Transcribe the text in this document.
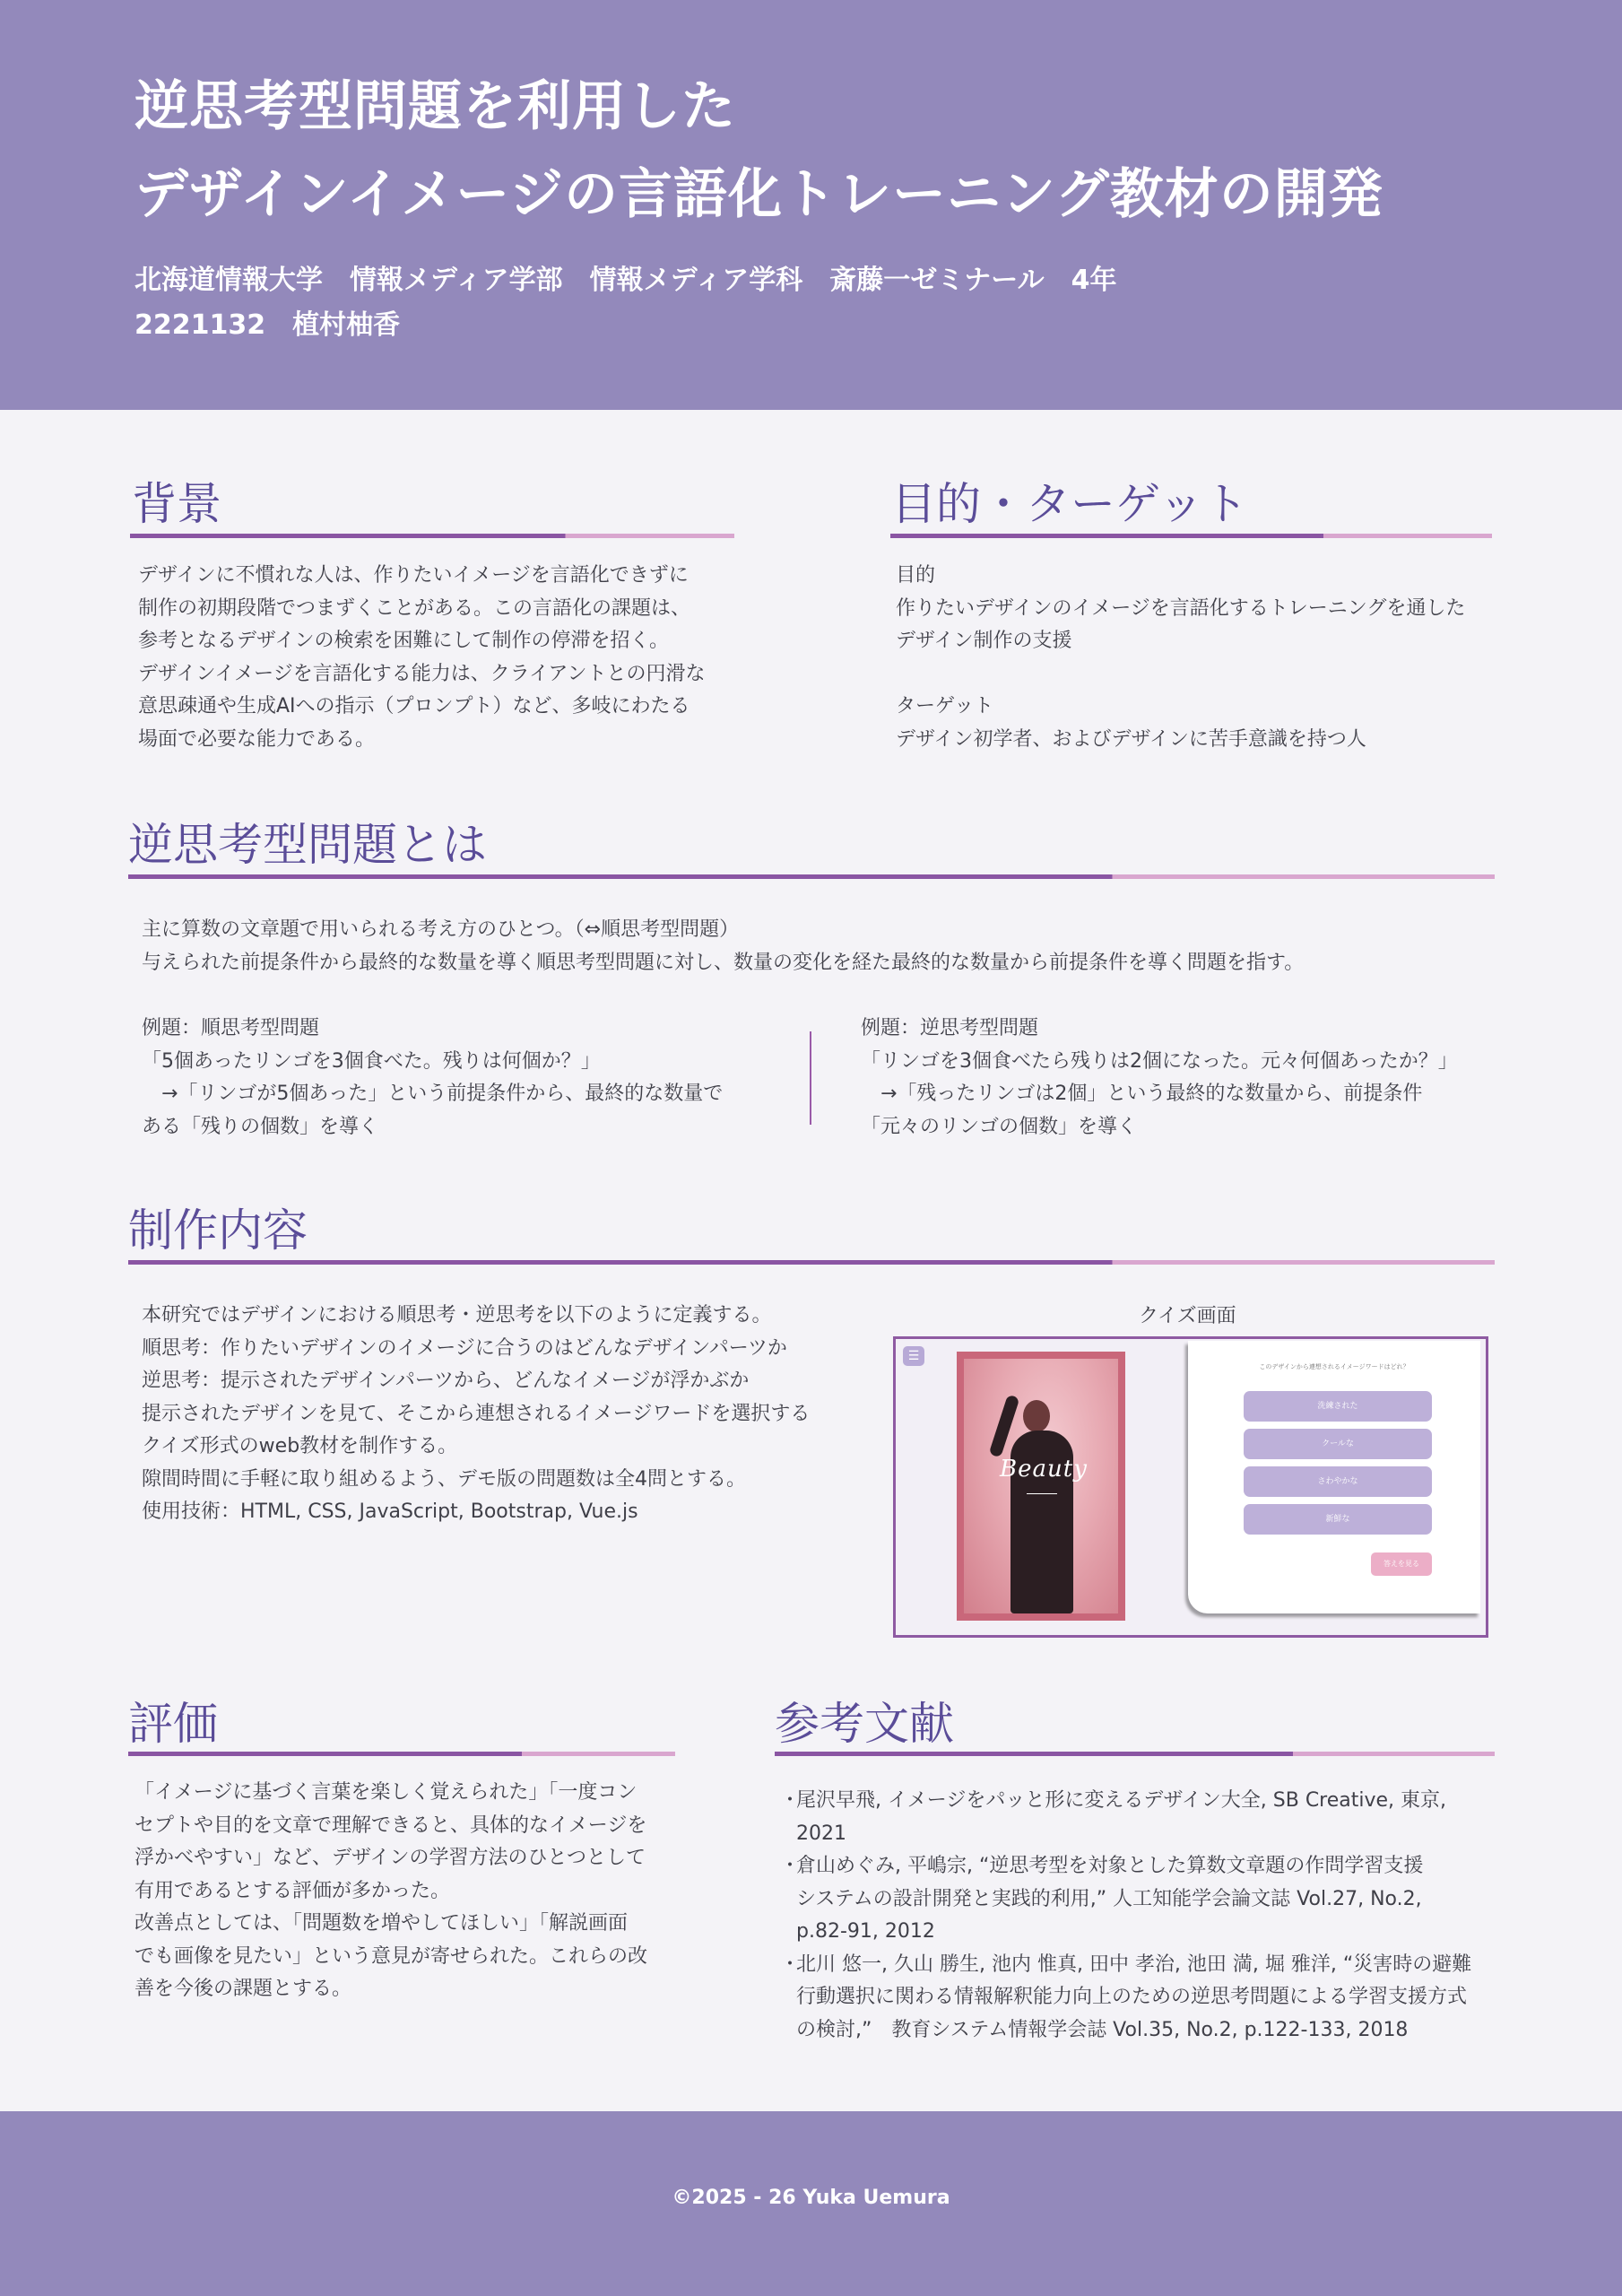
逆思考型問題を利用した
デザインイメージの言語化トレーニング教材の開発
北海道情報大学　情報メディア学部　情報メディア学科　斎藤一ゼミナール　4年
2221132　植村柚香
背景
デザインに不慣れな人は、作りたいイメージを言語化できずに
制作の初期段階でつまずくことがある。この言語化の課題は、
参考となるデザインの検索を困難にして制作の停滞を招く。
デザインイメージを言語化する能力は、クライアントとの円滑な
意思疎通や生成AIへの指示（プロンプト）など、多岐にわたる
場面で必要な能力である。
目的・ターゲット
目的
作りたいデザインのイメージを言語化するトレーニングを通した
デザイン制作の支援

ターゲット
デザイン初学者、およびデザインに苦手意識を持つ人
逆思考型問題とは
主に算数の文章題で用いられる考え方のひとつ。（⇔順思考型問題）
与えられた前提条件から最終的な数量を導く順思考型問題に対し、数量の変化を経た最終的な数量から前提条件を導く問題を指す。
例題：順思考型問題
「5個あったリンゴを3個食べた。残りは何個か？」
　→「リンゴが5個あった」という前提条件から、最終的な数量で
ある「残りの個数」を導く
例題：逆思考型問題
「リンゴを3個食べたら残りは2個になった。元々何個あったか？」
　→「残ったリンゴは2個」という最終的な数量から、前提条件
「元々のリンゴの個数」を導く
制作内容
本研究ではデザインにおける順思考・逆思考を以下のように定義する。
順思考：作りたいデザインのイメージに合うのはどんなデザインパーツか
逆思考：提示されたデザインパーツから、どんなイメージが浮かぶか
提示されたデザインを見て、そこから連想されるイメージワードを選択する
クイズ形式のweb教材を制作する。
隙間時間に手軽に取り組めるよう、デモ版の問題数は全4問とする。
使用技術：HTML, CSS, JavaScript, Bootstrap, Vue.js
クイズ画面
☰
Beauty
このデザインから連想されるイメージワードはどれ？
洗練された
クールな
さわやかな
新鮮な
答えを見る
評価
「イメージに基づく言葉を楽しく覚えられた」「一度コン
セプトや目的を文章で理解できると、具体的なイメージを
浮かべやすい」など、デザインの学習方法のひとつとして
有用であるとする評価が多かった。
改善点としては、「問題数を増やしてほしい」「解説画面
でも画像を見たい」という意見が寄せられた。これらの改
善を今後の課題とする。
参考文献
・
尾沢早飛, イメージをパッと形に変えるデザイン大全, SB Creative, 東京,
2021
・
倉山めぐみ, 平嶋宗, “逆思考型を対象とした算数文章題の作問学習支援
システムの設計開発と実践的利用,” 人工知能学会論文誌 Vol.27, No.2,
p.82-91, 2012
・
北川 悠一, 久山 勝生, 池内 惟真, 田中 孝治, 池田 満, 堀 雅洋, “災害時の避難
行動選択に関わる情報解釈能力向上のための逆思考問題による学習支援方式
の検討,”　教育システム情報学会誌 Vol.35, No.2, p.122-133, 2018
©2025 - 26 Yuka Uemura
